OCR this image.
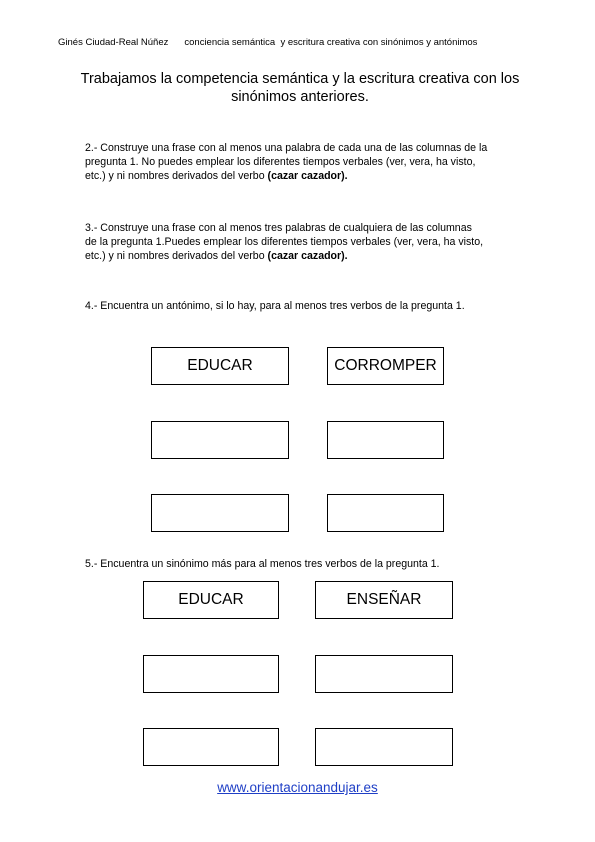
Ginés Ciudad-Real Núñez conciencia semántica  y escritura creativa con sinónimos y antónimos
Trabajamos la competencia semántica y la escritura creativa con los
sinónimos anteriores.
2.- Construye una frase con al menos una palabra de cada una de las columnas de la
pregunta 1. No puedes emplear los diferentes tiempos verbales (ver, vera, ha visto,
etc.) y ni nombres derivados del verbo (cazar cazador).
3.- Construye una frase con al menos tres palabras de cualquiera de las columnas
de la pregunta 1.Puedes emplear los diferentes tiempos verbales (ver, vera, ha visto,
etc.) y ni nombres derivados del verbo (cazar cazador).
4.- Encuentra un antónimo, si lo hay, para al menos tres verbos de la pregunta 1.
EDUCAR	CORROMPER
5.- Encuentra un sinónimo más para al menos tres verbos de la pregunta 1.
EDUCAR	ENSEÑAR
www.orientacionandujar.es
